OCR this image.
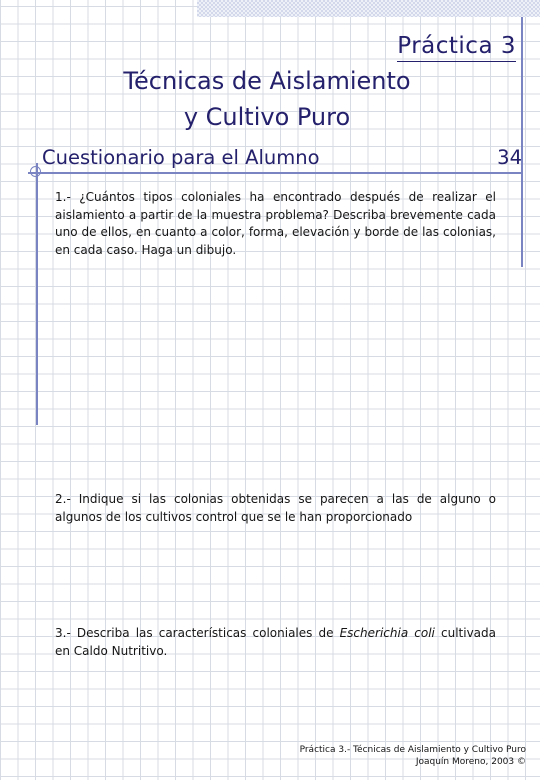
Práctica 3
Técnicas de Aislamiento
y Cultivo Puro
Cuestionario para el Alumno	34
1.- ¿Cuántos tipos coloniales ha encontrado después de realizar el aislamiento a partir de la muestra problema? Describa brevemente cada uno de ellos, en cuanto a color, forma, elevación y borde de las colonias, en cada caso. Haga un dibujo.
2.- Indique si las colonias obtenidas se parecen a las de alguno o algunos de los cultivos control que se le han proporcionado
3.- Describa las características coloniales de Escherichia coli cultivada en Caldo Nutritivo.
Práctica 3.- Técnicas de Aislamiento y Cultivo Puro
Joaquín Moreno, 2003 ©
